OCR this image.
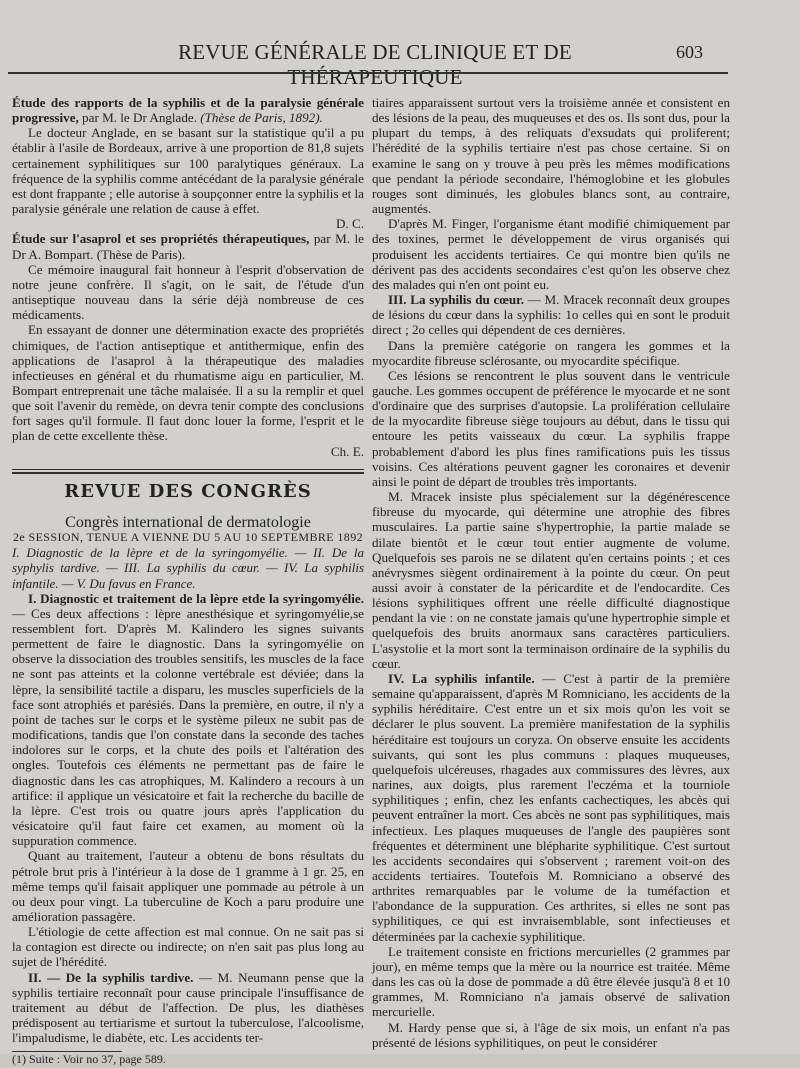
REVUE GÉNÉRALE DE CLINIQUE ET DE THÉRAPEUTIQUE
603

Étude des rapports de la syphilis et de la paralysie générale progressive, par M. le Dr Anglade. (Thèse de Paris, 1892).

Le docteur Anglade, en se basant sur la statistique qu'il a pu établir à l'asile de Bordeaux, arrive à une proportion de 81,8 sujets certainement syphilitiques sur 100 paralytiques généraux. La fréquence de la syphilis comme antécédant de la paralysie générale est dont frappante ; elle autorise à soupçonner entre la syphilis et la paralysie générale une relation de cause à effet.

D. C.

Étude sur l'asaprol et ses propriétés thérapeutiques, par M. le Dr A. Bompart. (Thèse de Paris).

Ce mémoire inaugural fait honneur à l'esprit d'observation de notre jeune confrère. Il s'agit, on le sait, de l'étude d'un antiseptique nouveau dans la série déjà nombreuse de ces médicaments.

En essayant de donner une détermination exacte des propriétés chimiques, de l'action antiseptique et antithermique, enfin des applications de l'asaprol à la thérapeutique des maladies infectieuses en général et du rhumatisme aigu en particulier, M. Bompart entreprenait une tâche malaisée. Il a su la remplir et quel que soit l'avenir du remède, on devra tenir compte des conclusions fort sages qu'il formule. Il faut donc louer la forme, l'esprit et le plan de cette excellente thèse.

Ch. E.

REVUE DES CONGRÈS
Congrès international de dermatologie
2e SESSION, TENUE A VIENNE DU 5 AU 10 SEPTEMBRE 1892

I. Diagnostic de la lèpre et de la syringomyélie. — II. De la syphylis tardive. — III. La syphilis du cœur. — IV. La syphilis infantile. — V. Du favus en France.

I. Diagnostic et traitement de la lèpre etde la syringomyélie. — Ces deux affections : lèpre anesthésique et syringomyélie,se ressemblent fort. D'après M. Kalindero les signes suivants permettent de faire le diagnostic. Dans la syringomyélie on observe la dissociation des troubles sensitifs, les muscles de la face ne sont pas atteints et la colonne vertébrale est déviée; dans la lèpre, la sensibilité tactile a disparu, les muscles superficiels de la face sont atrophiés et parésiés. Dans la première, en outre, il n'y a point de taches sur le corps et le système pileux ne subit pas de modifications, tandis que l'on constate dans la seconde des taches indolores sur le corps, et la chute des poils et l'altération des ongles. Toutefois ces éléments ne permettant pas de faire le diagnostic dans les cas atrophiques, M. Kalindero a recours à un artifice: il applique un vésicatoire et fait la recherche du bacille de la lèpre. C'est trois ou quatre jours après l'application du vésicatoire qu'il faut faire cet examen, au moment où la suppuration commence.

Quant au traitement, l'auteur a obtenu de bons résultats du pétrole brut pris à l'intérieur à la dose de 1 gramme à 1 gr. 25, en même temps qu'il faisait appliquer une pommade au pétrole à un ou deux pour vingt. La tuberculine de Koch a paru produire une amélioration passagère.

L'étiologie de cette affection est mal connue. On ne sait pas si la contagion est directe ou indirecte; on n'en sait pas plus long au sujet de l'hérédité.

II. — De la syphilis tardive. — M. Neumann pense que la syphilis tertiaire reconnaît pour cause principale l'insuffisance de traitement au début de l'affection. De plus, les diathèses prédisposent au tertiarisme et surtout la tuberculose, l'alcoolisme, l'impaludisme, le diabète, etc. Les accidents ter-

(1) Suite : Voir no 37, page 589.

tiaires apparaissent surtout vers la troisième année et consistent en des lésions de la peau, des muqueuses et des os. Ils sont dus, pour la plupart du temps, à des reliquats d'exsudats qui proliferent; l'hérédité de la syphilis tertiaire n'est pas chose certaine. Si on examine le sang on y trouve à peu près les mêmes modifications que pendant la période secondaire, l'hémoglobine et les globules rouges sont diminués, les globules blancs sont, au contraire, augmentés.

D'après M. Finger, l'organisme étant modifié chimiquement par des toxines, permet le développement de virus organisés qui produisent les accidents tertiaires. Ce qui montre bien qu'ils ne dérivent pas des accidents secondaires c'est qu'on les observe chez des malades qui n'en ont point eu.

III. La syphilis du cœur. — M. Mracek reconnaît deux groupes de lésions du cœur dans la syphilis: 1o celles qui en sont le produit direct ; 2o celles qui dépendent de ces dernières.

Dans la première catégorie on rangera les gommes et la myocardite fibreuse sclérosante, ou myocardite spécifique.

Ces lésions se rencontrent le plus souvent dans le ventricule gauche. Les gommes occupent de préférence le myocarde et ne sont d'ordinaire que des surprises d'autopsie. La prolifération cellulaire de la myocardite fibreuse siège toujours au début, dans le tissu qui entoure les petits vaisseaux du cœur. La syphilis frappe probablement d'abord les plus fines ramifications puis les tissus voisins. Ces altérations peuvent gagner les coronaires et devenir ainsi le point de départ de troubles très importants.

M. Mracek insiste plus spécialement sur la dégénérescence fibreuse du myocarde, qui détermine une atrophie des fibres musculaires. La partie saine s'hypertrophie, la partie malade se dilate bientôt et le cœur tout entier augmente de volume. Quelquefois ses parois ne se dilatent qu'en certains points ; et ces anévrysmes siègent ordinairement à la pointe du cœur. On peut aussi avoir à constater de la péricardite et de l'endocardite. Ces lésions syphilitiques offrent une réelle difficulté diagnostique pendant la vie : on ne constate jamais qu'une hypertrophie simple et quelquefois des bruits anormaux sans caractères particuliers. L'asystolie et la mort sont la terminaison ordinaire de la syphilis du cœur.

IV. La syphilis infantile. — C'est à partir de la première semaine qu'apparaissent, d'après M Romniciano, les accidents de la syphilis héréditaire. C'est entre un et six mois qu'on les voit se déclarer le plus souvent. La première manifestation de la syphilis héréditaire est toujours un coryza. On observe ensuite les accidents suivants, qui sont les plus communs : plaques muqueuses, quelquefois ulcéreuses, rhagades aux commissures des lèvres, aux narines, aux doigts, plus rarement l'eczéma et la tourniole syphilitiques ; enfin, chez les enfants cachectiques, les abcès qui peuvent entraîner la mort. Ces abcès ne sont pas syphilitiques, mais infectieux. Les plaques muqueuses de l'angle des paupières sont fréquentes et déterminent une blépharite syphilitique. C'est surtout les accidents secondaires qui s'observent ; rarement voit-on des accidents tertiaires. Toutefois M. Romniciano a observé des arthrites remarquables par le volume de la tuméfaction et l'abondance de la suppuration. Ces arthrites, si elles ne sont pas syphilitiques, ce qui est invraisemblable, sont infectieuses et déterminées par la cachexie syphilitique.

Le traitement consiste en frictions mercurielles (2 grammes par jour), en même temps que la mère ou la nourrice est traitée. Même dans les cas où la dose de pommade a dû être élevée jusqu'à 8 et 10 grammes, M. Romniciano n'a jamais observé de salivation mercurielle.

M. Hardy pense que si, à l'âge de six mois, un enfant n'a pas présenté de lésions syphilitiques, on peut le considérer
